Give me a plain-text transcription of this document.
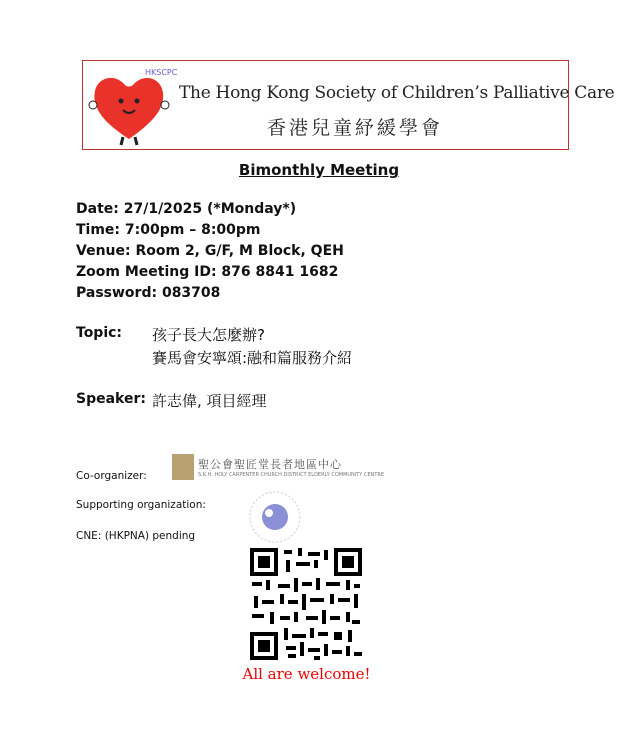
HKSCPC
The Hong Kong Society of Children’s Palliative Care
香港兒童紓緩學會
Bimonthly Meeting
Date: 27/1/2025 (*Monday*)
Time: 7:00pm – 8:00pm
Venue: Room 2, G/F, M Block, QEH
Zoom Meeting ID: 876 8841 1682
Password: 083708
Topic: 孩子長大怎麼辦?
賽馬會安寧頌:融和篇服務介紹
Speaker: 許志偉, 項目經理
Co-organizer:
聖公會聖匠堂長者地區中心
S.K.H. HOLY CARPENTER CHURCH DISTRICT ELDERLY COMMUNITY CENTRE
Supporting organization:
CNE: (HKPNA) pending
All are welcome!
